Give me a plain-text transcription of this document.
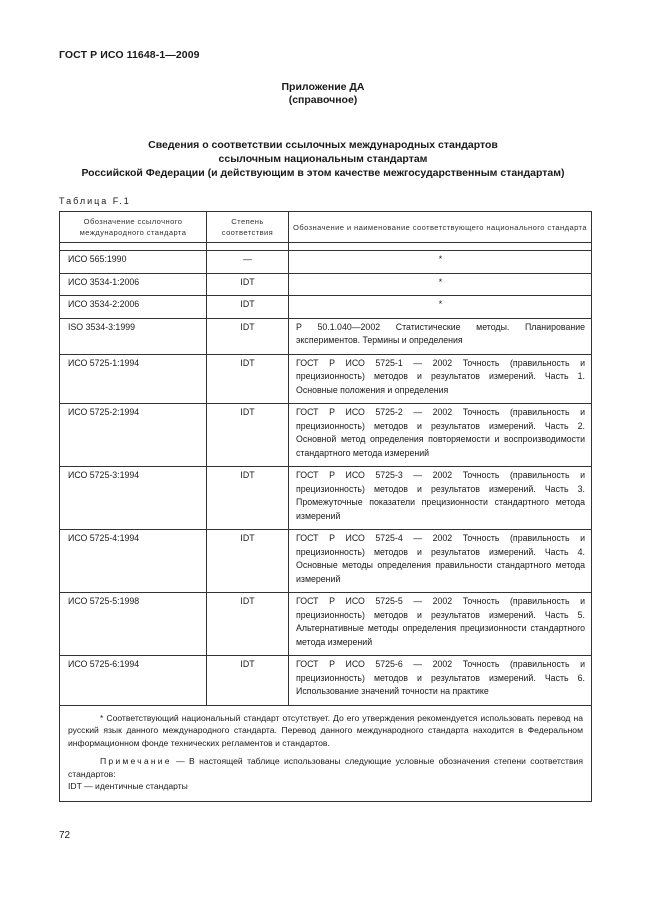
ГОСТ Р ИСО 11648-1—2009
Приложение ДА
(справочное)
Сведения о соответствии ссылочных международных стандартов
ссылочным национальным стандартам
Российской Федерации (и действующим в этом качестве межгосударственным стандартам)
Таблица F.1
Обозначение ссылочного международного стандарта	Степень соответствия	Обозначение и наименование соответствующего национального стандарта

ИСО 565:1990	—	*
ИСО 3534-1:2006	IDT	*
ИСО 3534-2:2006	IDT	*
ISO 3534-3:1999	IDT	Р 50.1.040—2002 Статистические методы. Планирование экспериментов. Термины и определения
ИСО 5725-1:1994	IDT	ГОСТ Р ИСО 5725-1 — 2002 Точность (правильность и прецизионность) методов и результатов измерений. Часть 1. Основные положения и определения
ИСО 5725-2:1994	IDT	ГОСТ Р ИСО 5725-2 — 2002 Точность (правильность и прецизионность) методов и результатов измерений. Часть 2. Основной метод определения повторяемости и воспроизводимости стандартного метода измерений
ИСО 5725-3:1994	IDT	ГОСТ Р ИСО 5725-3 — 2002 Точность (правильность и прецизионность) методов и результатов измерений. Часть 3. Промежуточные показатели прецизионности стандартного метода измерений
ИСО 5725-4:1994	IDT	ГОСТ Р ИСО 5725-4 — 2002 Точность (правильность и прецизионность) методов и результатов измерений. Часть 4. Основные методы определения правильности стандартного метода измерений
ИСО 5725-5:1998	IDT	ГОСТ Р ИСО 5725-5 — 2002 Точность (правильность и прецизионность) методов и результатов измерений. Часть 5. Альтернативные методы определения прецизионности стандартного метода измерений
ИСО 5725-6:1994	IDT	ГОСТ Р ИСО 5725-6 — 2002 Точность (правильность и прецизионность) методов и результатов измерений. Часть 6. Использование значений точности на практике

* Соответствующий национальный стандарт отсутствует. До его утверждения рекомендуется использовать перевод на русский язык данного международного стандарта. Перевод данного международного стандарта находится в Федеральном информационном фонде технических регламентов и стандартов.

Примечание — В настоящей таблице использованы следующие условные обозначения степени соответствия стандартов:

IDT — идентичные стандарты		

72
